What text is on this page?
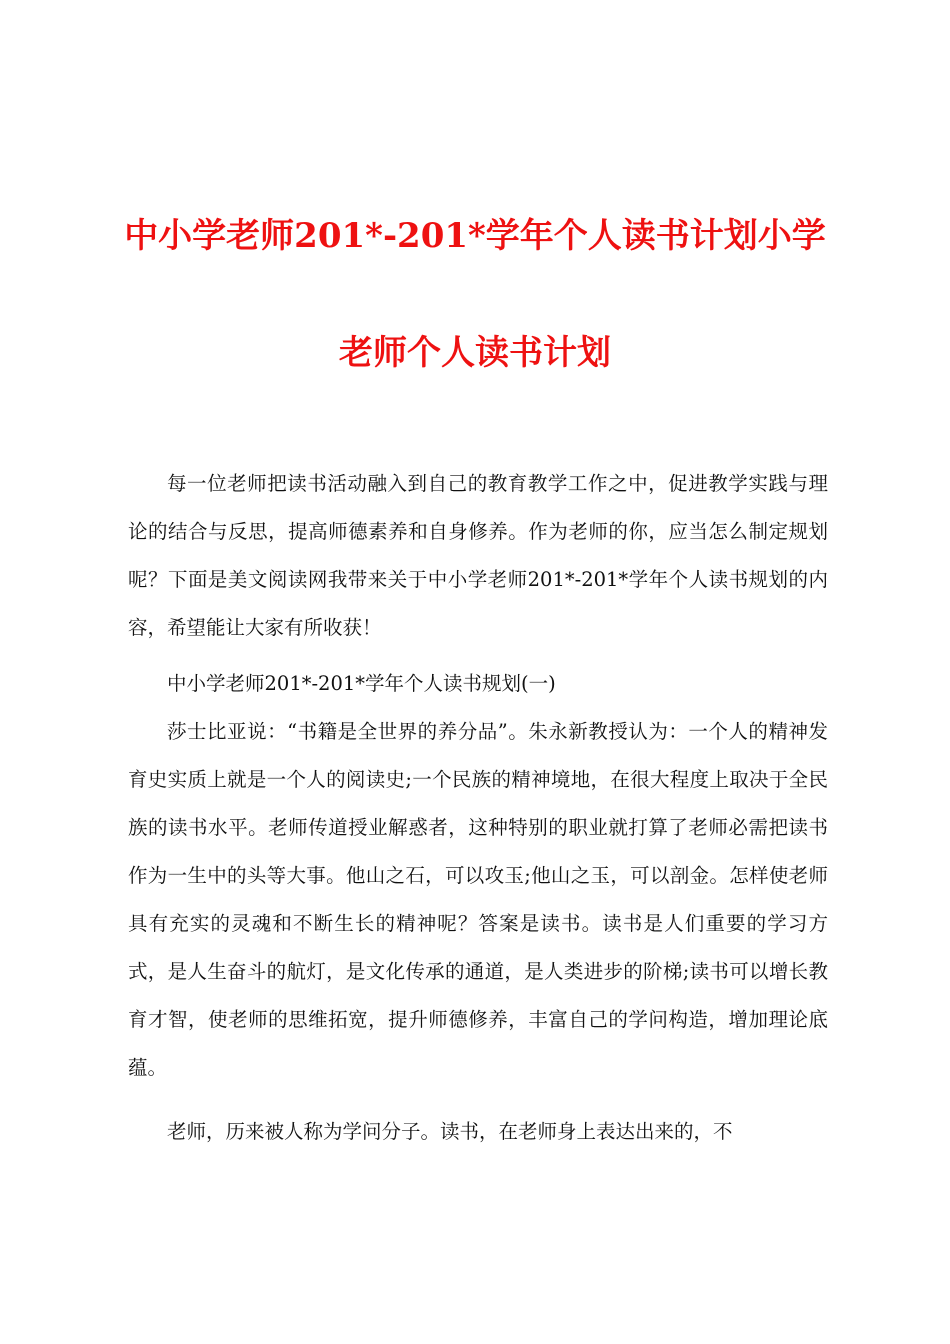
中小学老师201*-201*学年个人读书计划小学
老师个人读书计划

每一位老师把读书活动融入到自己的教育教学工作之中，促进教学实践与理论的结合与反思，提高师德素养和自身修养。作为老师的你，应当怎么制定规划呢？下面是美文阅读网我带来关于中小学老师201*-201*学年个人读书规划的内容，希望能让大家有所收获！

中小学老师201*-201*学年个人读书规划(一)

莎士比亚说：“书籍是全世界的养分品”。朱永新教授认为：一个人的精神发育史实质上就是一个人的阅读史;一个民族的精神境地，在很大程度上取决于全民族的读书水平。老师传道授业解惑者，这种特别的职业就打算了老师必需把读书作为一生中的头等大事。他山之石，可以攻玉;他山之玉，可以剖金。怎样使老师具有充实的灵魂和不断生长的精神呢？答案是读书。读书是人们重要的学习方式，是人生奋斗的航灯，是文化传承的通道，是人类进步的阶梯;读书可以增长教育才智，使老师的思维拓宽，提升师德修养，丰富自己的学问构造，增加理论底蕴。

老师，历来被人称为学问分子。读书，在老师身上表达出来的，不
